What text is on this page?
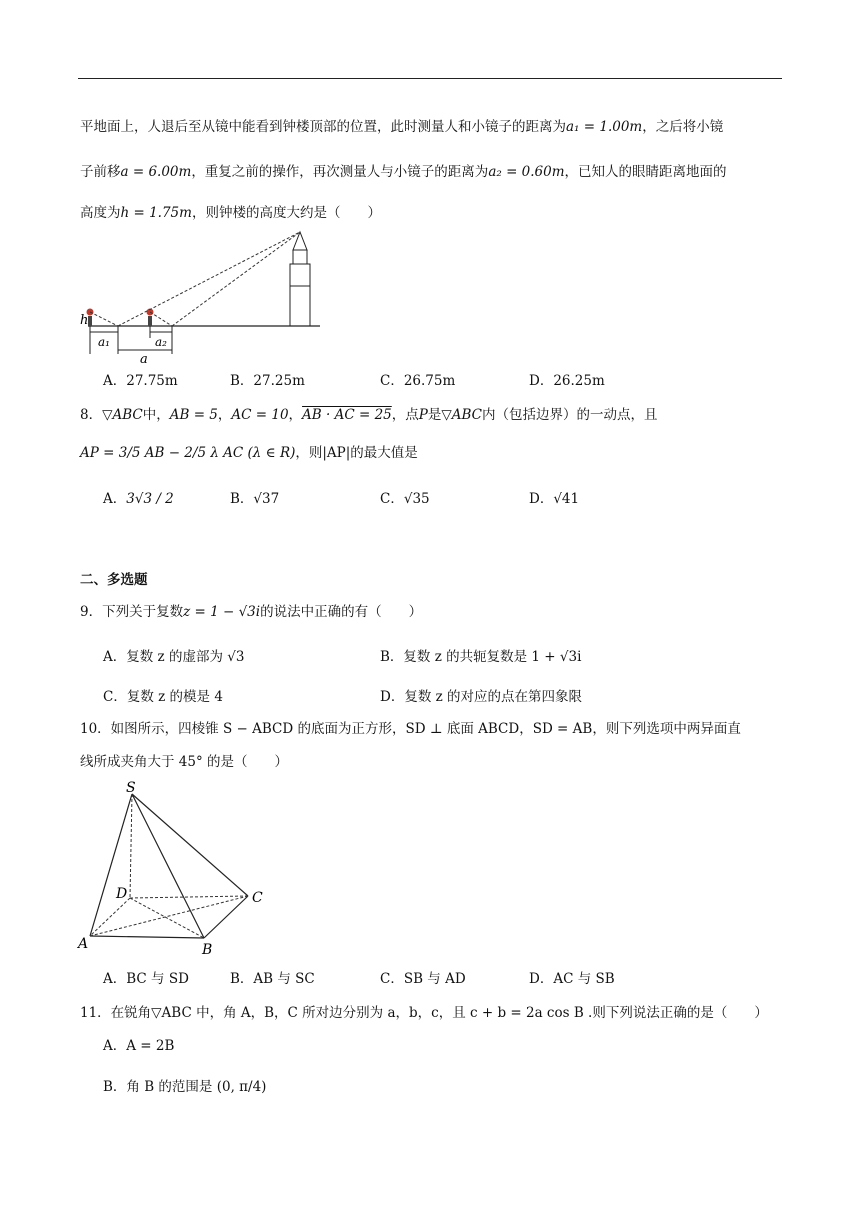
平地面上，人退后至从镜中能看到钟楼顶部的位置，此时测量人和小镜子的距离为a₁ = 1.00m，之后将小镜
子前移a = 6.00m，重复之前的操作，再次测量人与小镜子的距离为a₂ = 0.60m，已知人的眼睛距离地面的
高度为h = 1.75m，则钟楼的高度大约是（　　）
h
a₁	a₂
a
A．27.75m	B．27.25m	C．26.75m	D．26.25m
8．▽ABC中，AB = 5，AC = 10，AB · AC = 25，点P是▽ABC内（包括边界）的一动点，且
AP = 3/5 AB − 2/5 λ AC (λ ∈ R)，则|AP|的最大值是
A．3√3 / 2	B．√37	C．√35	D．√41
二、多选题
9．下列关于复数z = 1 − √3i的说法中正确的有（　　）
A．复数 z 的虚部为 √3	B．复数 z 的共轭复数是 1 + √3i
C．复数 z 的模是 4	D．复数 z 的对应的点在第四象限
10．如图所示，四棱锥 S − ABCD 的底面为正方形，SD ⊥ 底面 ABCD，SD = AB，则下列选项中两异面直
线所成夹角大于 45° 的是（　　）
S
D	C
A	B
A．BC 与 SD	B．AB 与 SC	C．SB 与 AD	D．AC 与 SB
11．在锐角▽ABC 中，角 A，B，C 所对边分别为 a，b，c，且 c + b = 2a cos B .则下列说法正确的是（　　）
A．A = 2B
B．角 B 的范围是 (0, π/4)
